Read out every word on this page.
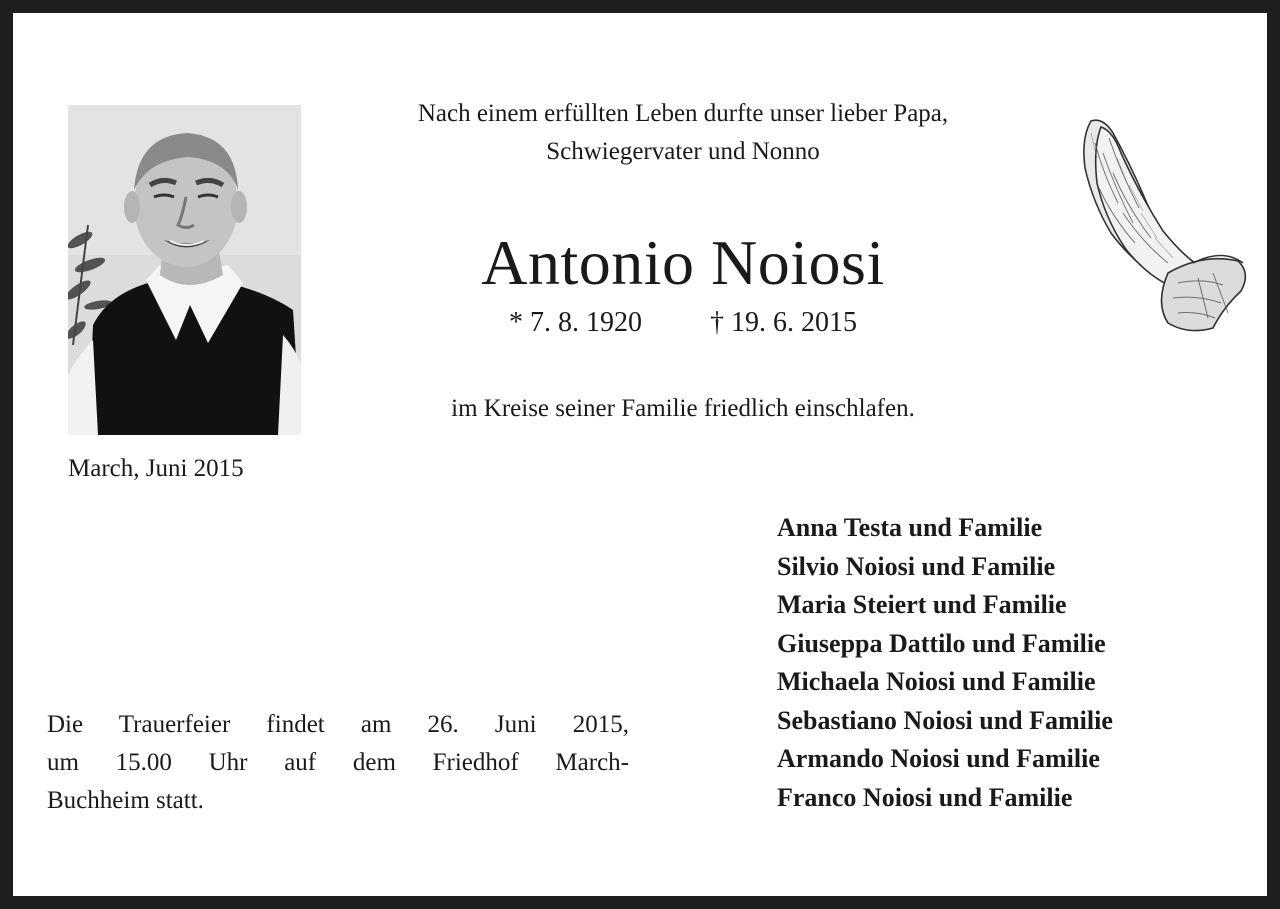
Nach einem erfüllten Leben durfte unser lieber Papa,
Schwiegervater und Nonno
Antonio Noiosi
* 7. 8. 1920 † 19. 6. 2015
im Kreise seiner Familie friedlich einschlafen.
March, Juni 2015
Anna Testa und Familie
Silvio Noiosi und Familie
Maria Steiert und Familie
Giuseppa Dattilo und Familie
Michaela Noiosi und Familie
Sebastiano Noiosi und Familie
Armando Noiosi und Familie
Franco Noiosi und Familie
Die Trauerfeier findet am 26. Juni 2015,
um 15.00 Uhr auf dem Friedhof March-
Buchheim statt.
